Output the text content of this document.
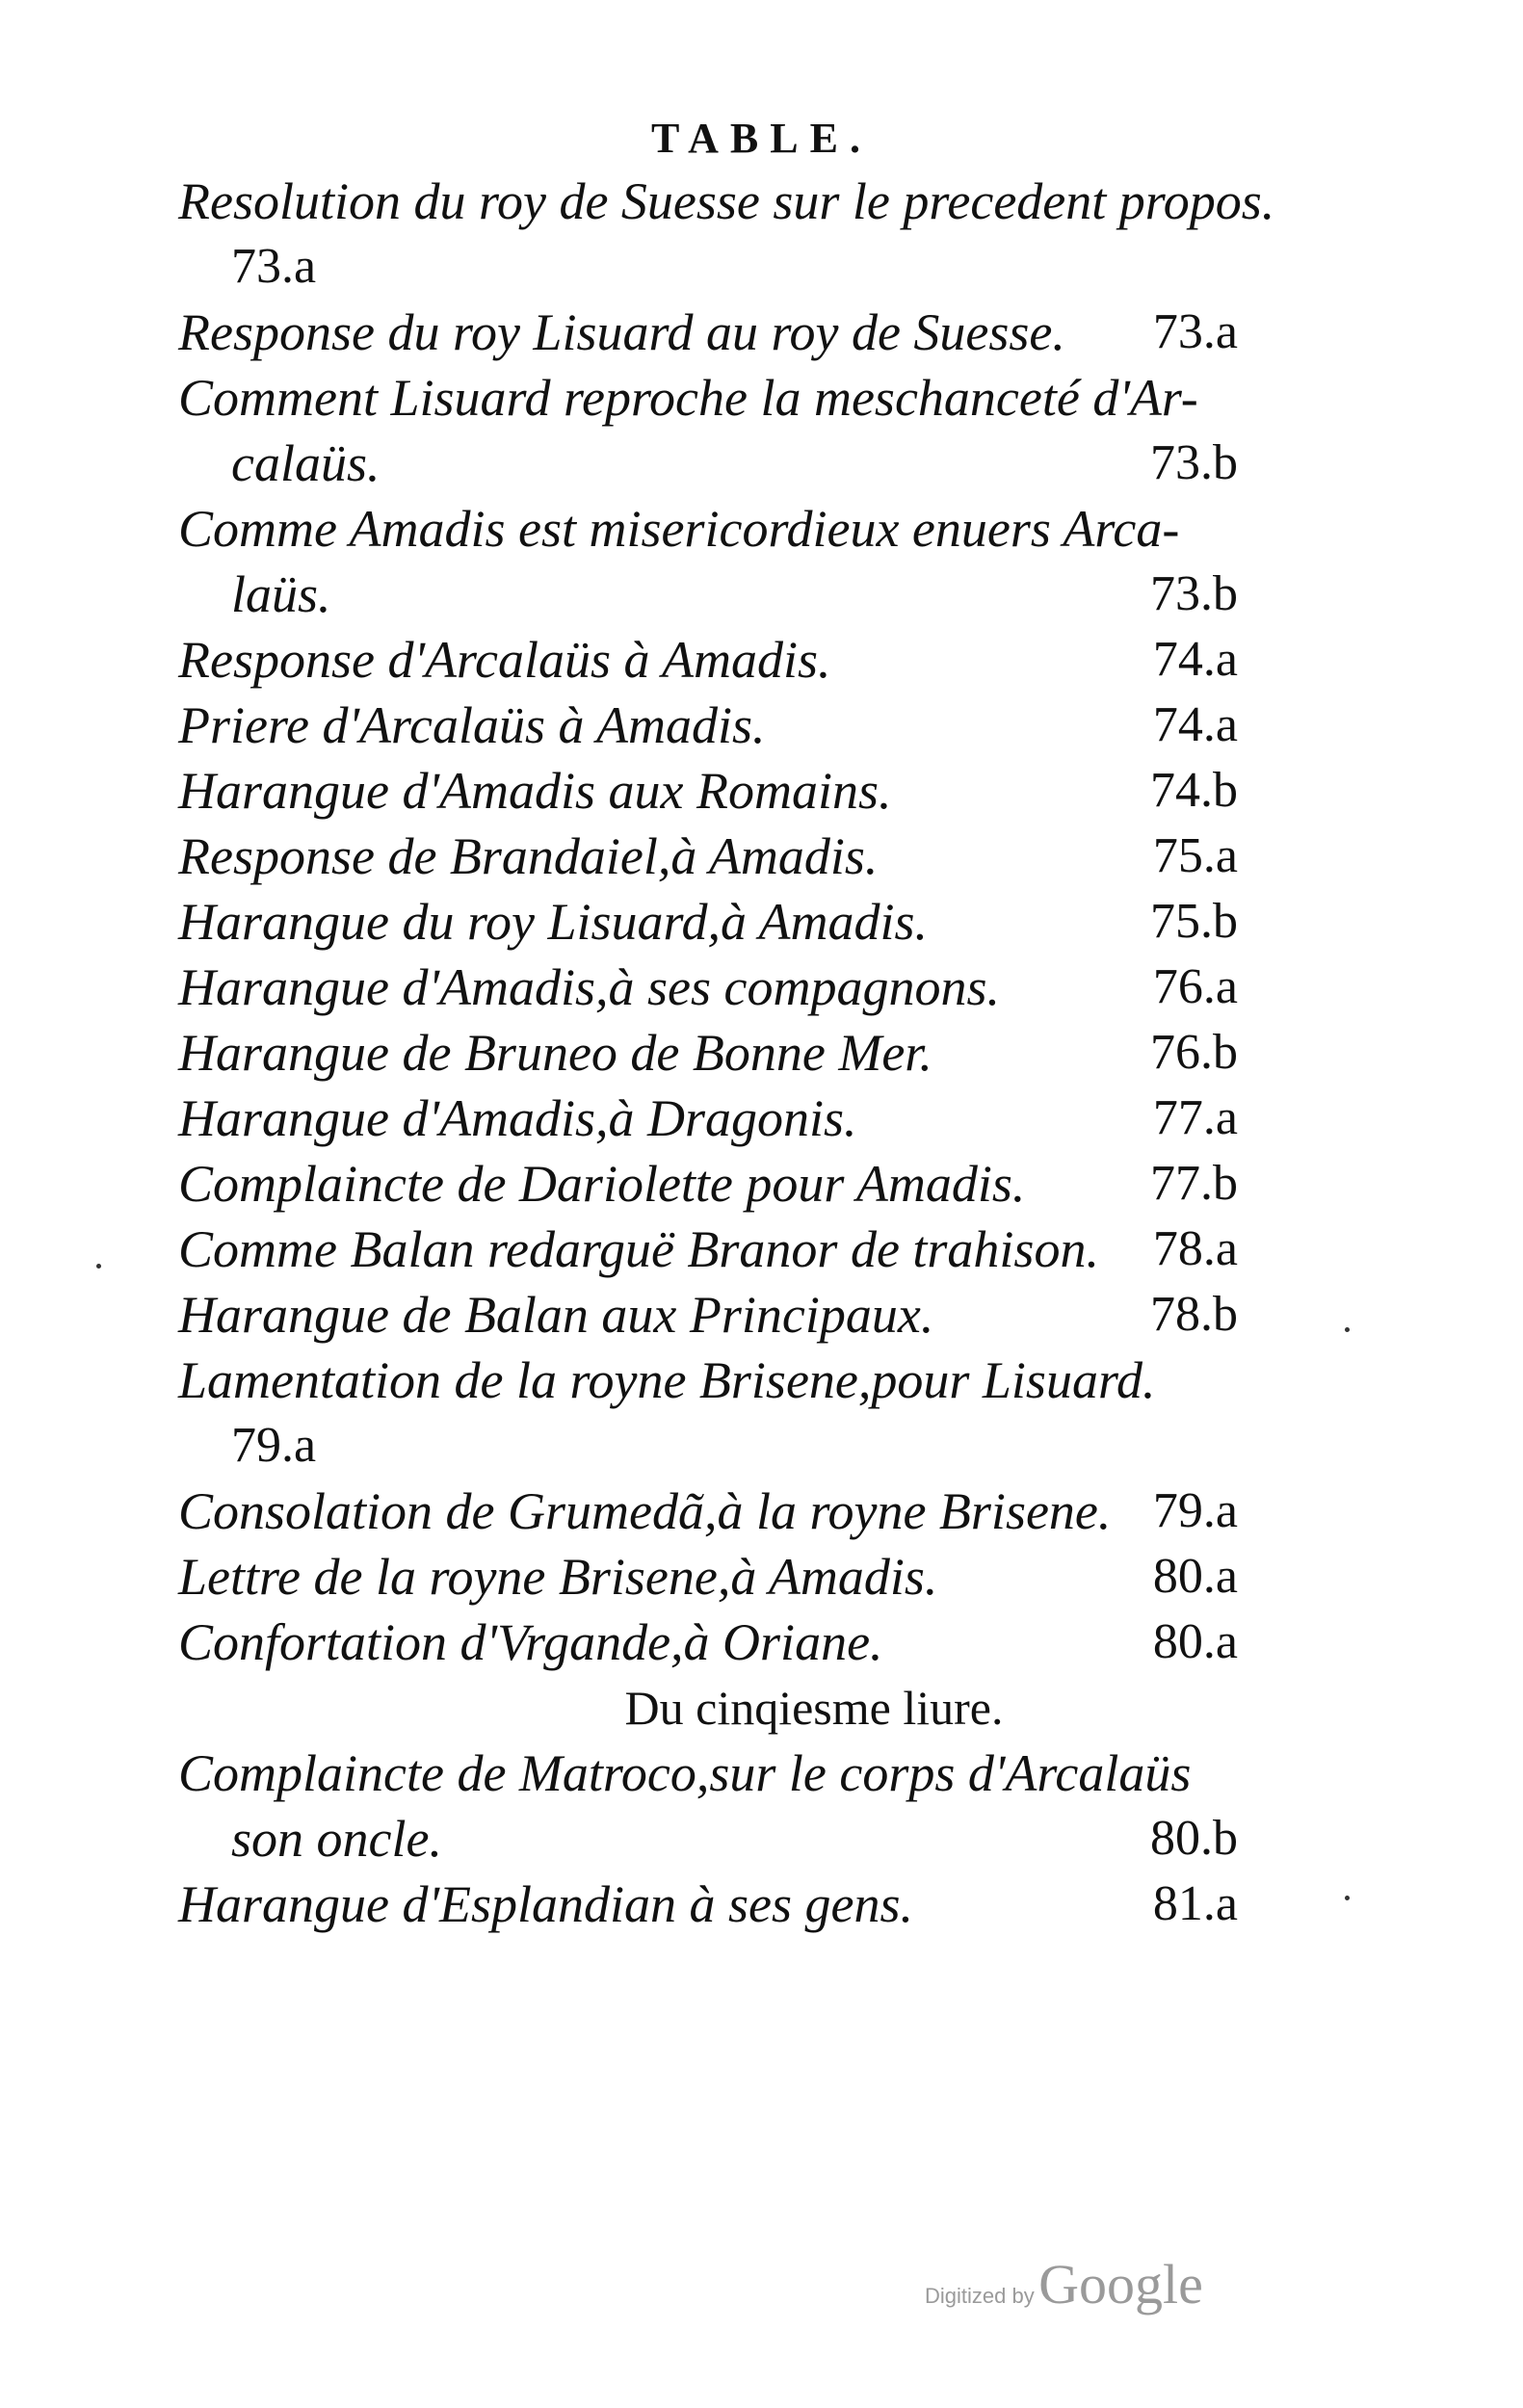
TABLE.
Resolution du roy de Suesse sur le precedent propos.
73.a
Response du roy Lisuard au roy de Suesse.	73.a
Comment Lisuard reproche la meschanceté d'Ar-
calaüs.	73.b
Comme Amadis est misericordieux enuers Arca-
laüs.	73.b
Response d'Arcalaüs à Amadis.	74.a
Priere d'Arcalaüs à Amadis.	74.a
Harangue d'Amadis aux Romains.	74.b
Response de Brandaiel,à Amadis.	75.a
Harangue du roy Lisuard,à Amadis.	75.b
Harangue d'Amadis,à ses compagnons.	76.a
Harangue de Bruneo de Bonne Mer.	76.b
Harangue d'Amadis,à Dragonis.	77.a
Complaincte de Dariolette pour Amadis.	77.b
Comme Balan redarguë Branor de trahison.	78.a
Harangue de Balan aux Principaux.	78.b
Lamentation de la royne Brisene,pour Lisuard.
79.a
Consolation de Grumedã,à la royne Brisene. 79.a
Lettre de la royne Brisene,à Amadis.	80.a
Confortation d'Vrgande,à Oriane.	80.a
Du cinqiesme liure.
Complaincte de Matroco,sur le corps d'Arcalaüs
son oncle.	80.b
Harangue d'Esplandian à ses gens.	81.a
Digitized by Google
